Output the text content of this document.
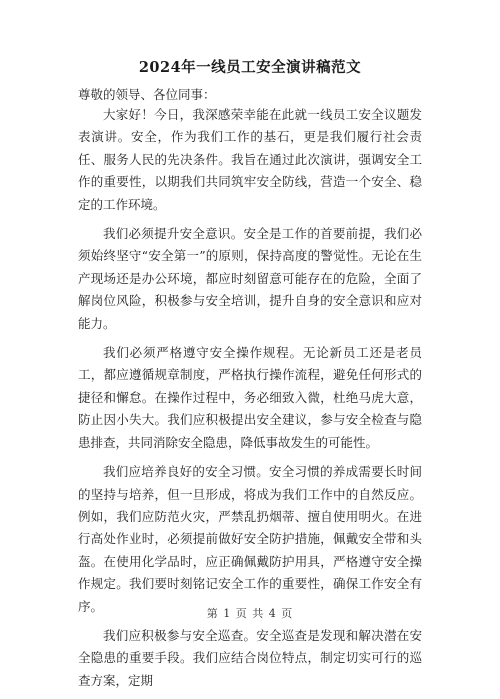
2024年一线员工安全演讲稿范文
尊敬的领导、各位同事：

大家好！今日，我深感荣幸能在此就一线员工安全议题发表演讲。安全，作为我们工作的基石，更是我们履行社会责任、服务人民的先决条件。我旨在通过此次演讲，强调安全工作的重要性，以期我们共同筑牢安全防线，营造一个安全、稳定的工作环境。

我们必须提升安全意识。安全是工作的首要前提，我们必须始终坚守“安全第一”的原则，保持高度的警觉性。无论在生产现场还是办公环境，都应时刻留意可能存在的危险，全面了解岗位风险，积极参与安全培训，提升自身的安全意识和应对能力。

我们必须严格遵守安全操作规程。无论新员工还是老员工，都应遵循规章制度，严格执行操作流程，避免任何形式的捷径和懈怠。在操作过程中，务必细致入微，杜绝马虎大意，防止因小失大。我们应积极提出安全建议，参与安全检查与隐患排查，共同消除安全隐患，降低事故发生的可能性。

我们应培养良好的安全习惯。安全习惯的养成需要长时间的坚持与培养，但一旦形成，将成为我们工作中的自然反应。例如，我们应防范火灾，严禁乱扔烟蒂、擅自使用明火。在进行高处作业时，必须提前做好安全防护措施，佩戴安全带和头盔。在使用化学品时，应正确佩戴防护用具，严格遵守安全操作规定。我们要时刻铭记安全工作的重要性，确保工作安全有序。

我们应积极参与安全巡查。安全巡查是发现和解决潜在安全隐患的重要手段。我们应结合岗位特点，制定切实可行的巡查方案，定期

第 1 页 共 4 页
